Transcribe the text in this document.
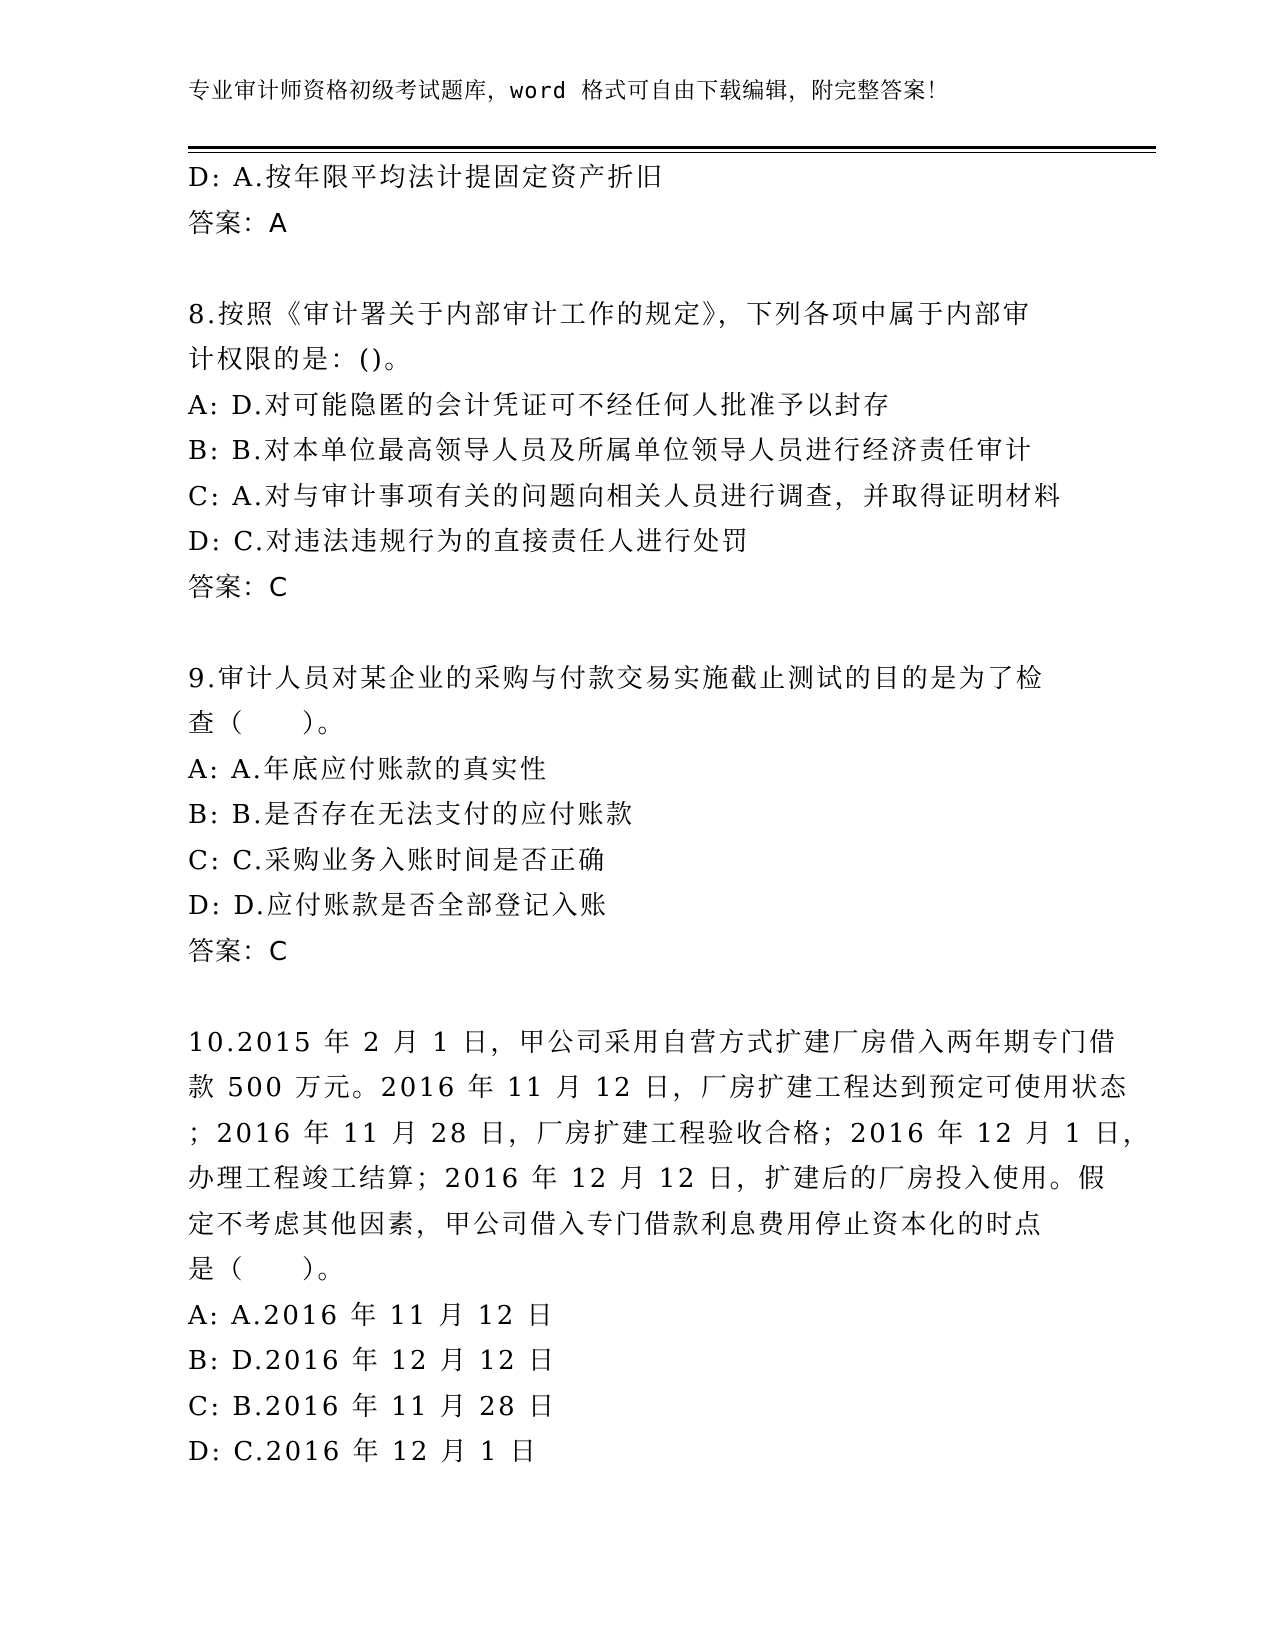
专业审计师资格初级考试题库，word 格式可自由下载编辑，附完整答案！
D: A.按年限平均法计提固定资产折旧
答案：A
8.按照《审计署关于内部审计工作的规定》，下列各项中属于内部审
计权限的是：()。
A: D.对可能隐匿的会计凭证可不经任何人批准予以封存
B: B.对本单位最高领导人员及所属单位领导人员进行经济责任审计
C: A.对与审计事项有关的问题向相关人员进行调查，并取得证明材料
D: C.对违法违规行为的直接责任人进行处罚
答案：C
9.审计人员对某企业的采购与付款交易实施截止测试的目的是为了检
查（　　）。
A: A.年底应付账款的真实性
B: B.是否存在无法支付的应付账款
C: C.采购业务入账时间是否正确
D: D.应付账款是否全部登记入账
答案：C
10.2015 年 2 月 1 日，甲公司采用自营方式扩建厂房借入两年期专门借
款 500 万元。2016 年 11 月 12 日，厂房扩建工程达到预定可使用状态
；2016 年 11 月 28 日，厂房扩建工程验收合格；2016 年 12 月 1 日，
办理工程竣工结算；2016 年 12 月 12 日，扩建后的厂房投入使用。假
定不考虑其他因素，甲公司借入专门借款利息费用停止资本化的时点
是（　　）。
A: A.2016 年 11 月 12 日
B: D.2016 年 12 月 12 日
C: B.2016 年 11 月 28 日
D: C.2016 年 12 月 1 日
